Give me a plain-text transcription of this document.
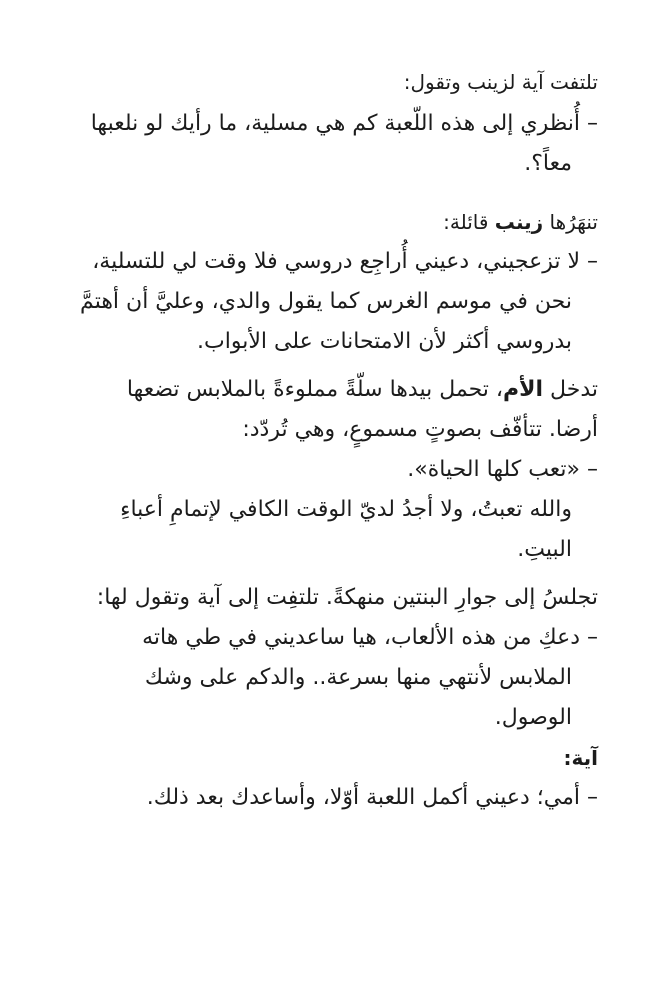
تلتفت آية لزينب وتقول:

– أُنظري إلى هذه اللّعبة كم هي مسلية، ما رأيك لو نلعبها

معاً؟.

تنهَرُها زينب قائلة:

– لا تزعجيني، دعيني أُراجِع دروسي فلا وقت لي للتسلية،

نحن في موسم الغرس كما يقول والدي، وعليَّ أن أهتمَّ

بدروسي أكثر لأن الامتحانات على الأبواب.

تدخل الأم، تحمل بيدها سلّةً مملوءةً بالملابس تضعها

أرضا. تتأفّف بصوتٍ مسموعٍ، وهي تُردّد:

– «تعب كلها الحياة».

والله تعبتُ، ولا أجدُ لديّ الوقت الكافي لإتمامِ أعباءِ

البيتِ.

تجلسُ إلى جوارِ البنتين منهكةً. تلتفِت إلى آية وتقول لها:

– دعكِ من هذه الألعاب، هيا ساعديني في طي هاته

الملابس لأنتهي منها بسرعة.. والدكم على وشك

الوصول.

آية:

– أمي؛ دعيني أكمل اللعبة أوّلا، وأساعدك بعد ذلك.
